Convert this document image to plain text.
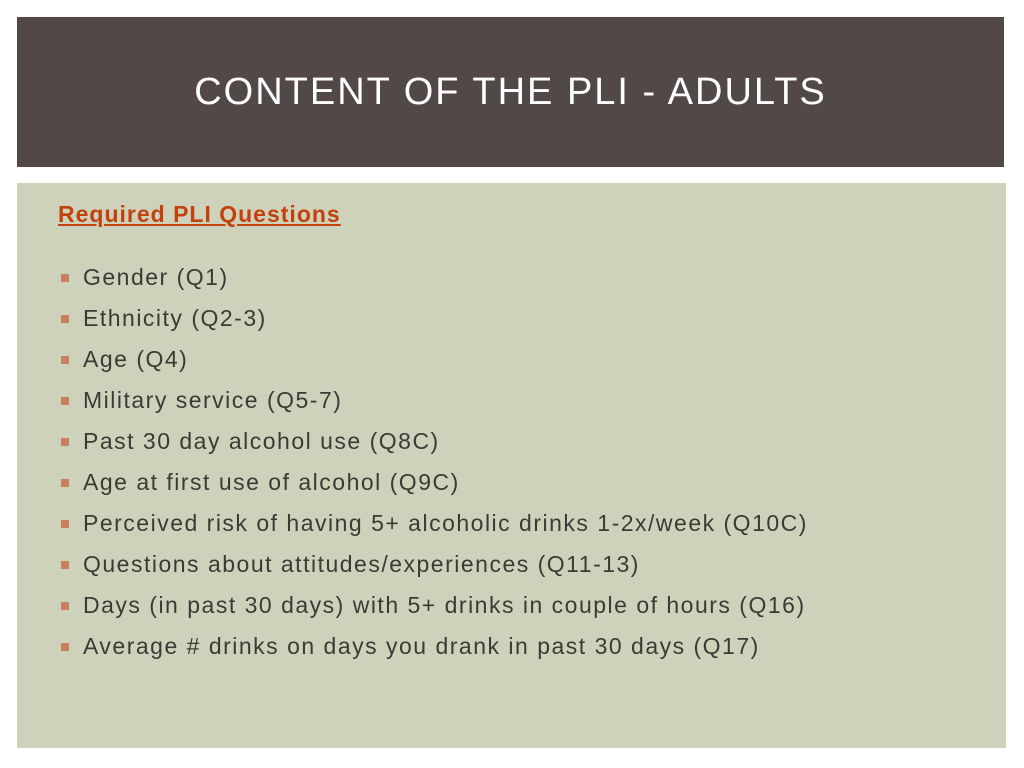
CONTENT OF THE PLI - ADULTS
Required PLI Questions
Gender (Q1)
Ethnicity (Q2-3)
Age (Q4)
Military service (Q5-7)
Past 30 day alcohol use (Q8C)
Age at first use of alcohol (Q9C)
Perceived risk of having 5+ alcoholic drinks 1-2x/week (Q10C)
Questions about attitudes/experiences (Q11-13)
Days (in past 30 days) with 5+ drinks in couple of hours (Q16)
Average # drinks on days you drank in past 30 days (Q17)
